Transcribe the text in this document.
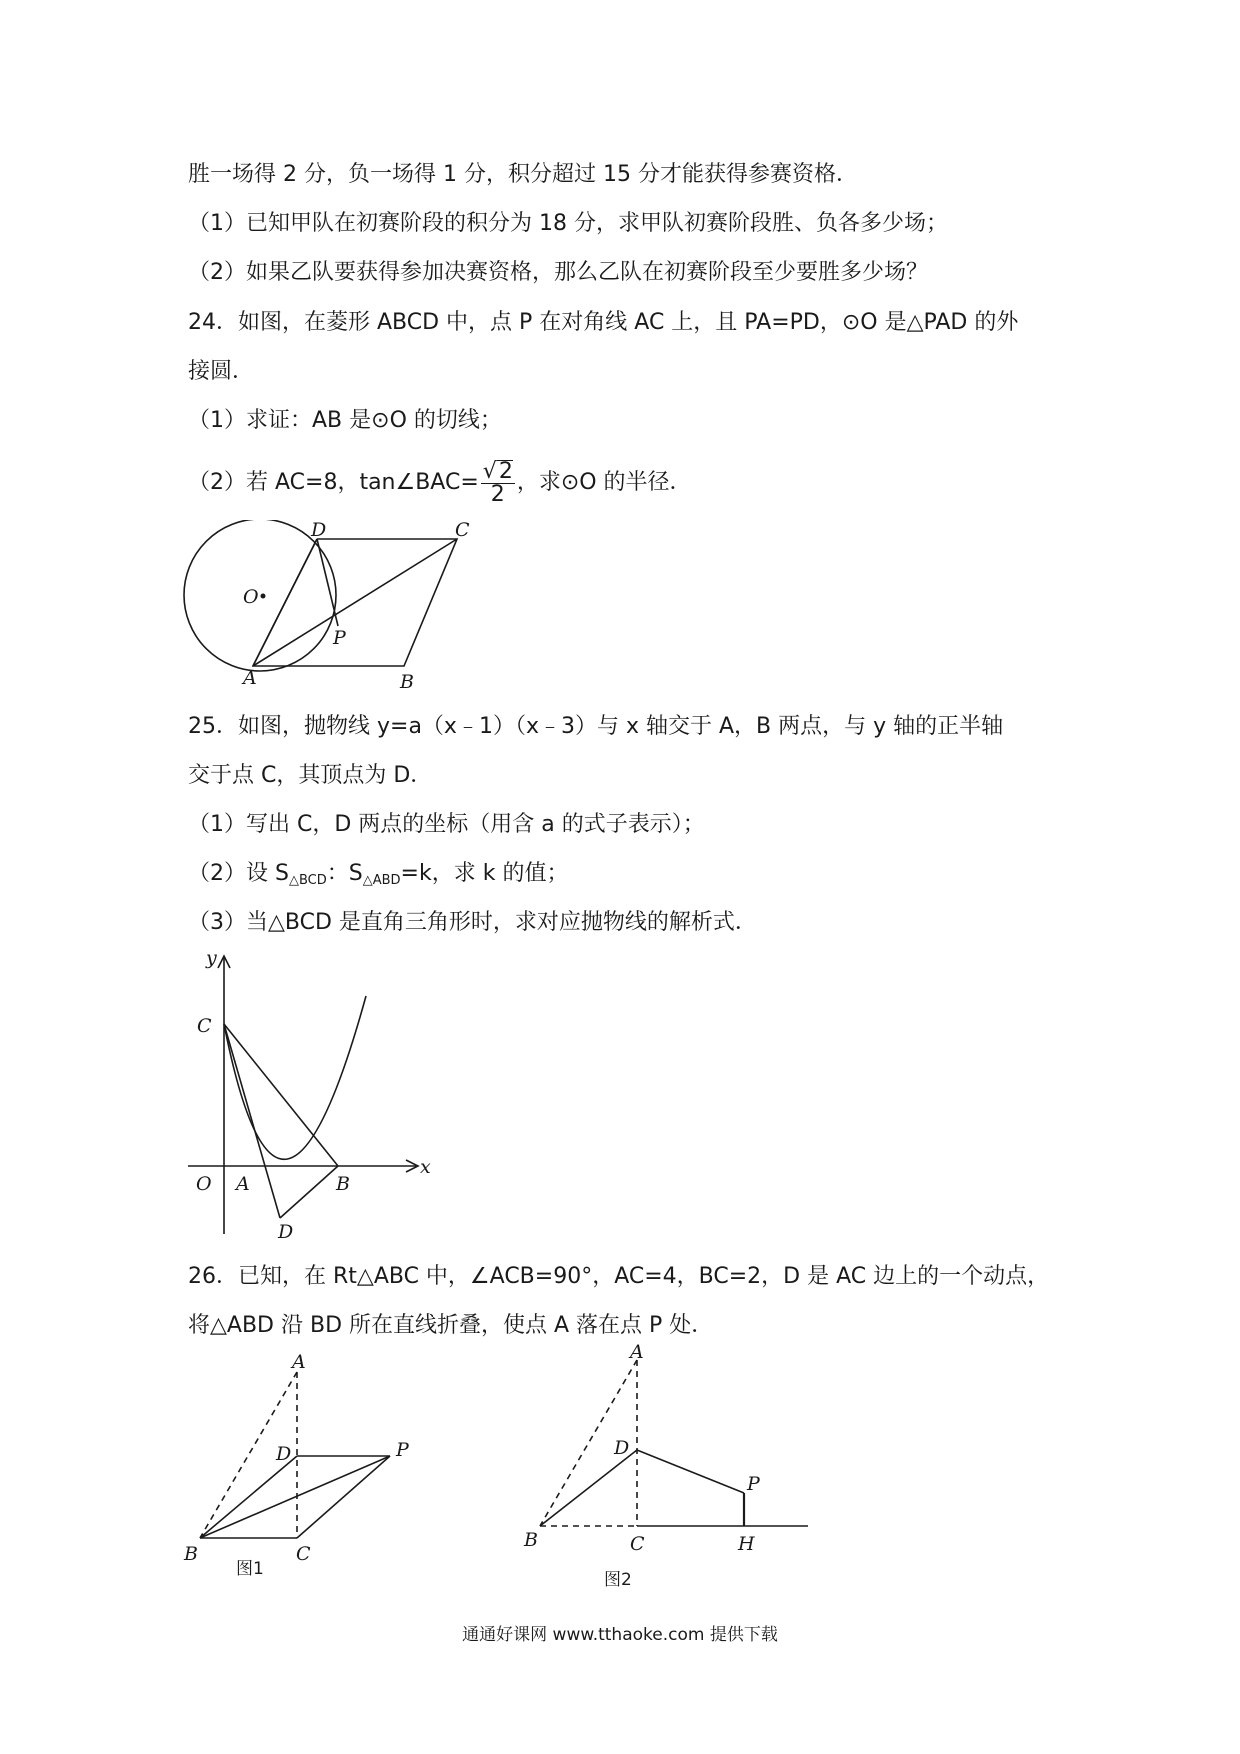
胜一场得 2 分，负一场得 1 分，积分超过 15 分才能获得参赛资格．
（1）已知甲队在初赛阶段的积分为 18 分，求甲队初赛阶段胜、负各多少场；
（2）如果乙队要获得参加决赛资格，那么乙队在初赛阶段至少要胜多少场？
24．如图，在菱形 ABCD 中，点 P 在对角线 AC 上，且 PA=PD，⊙O 是△PAD 的外
接圆．
（1）求证：AB 是⊙O 的切线；
（2）若 AC=8，tan∠BAC= $\frac{√2}{2}$ ，求⊙O 的半径．
D	C
O
P
A	B
25．如图，抛物线 y=a（x﹣1）（x﹣3）与 x 轴交于 A，B 两点，与 y 轴的正半轴
交于点 C，其顶点为 D．
（1）写出 C，D 两点的坐标（用含 a 的式子表示）；
（2）设 $S_{\triangle BCD}$：$S_{\triangle ABD}=k$，求 k 的值；
（3）当△BCD 是直角三角形时，求对应抛物线的解析式．
y
x
C
O A	B
D
26．已知，在 Rt△ABC 中，∠ACB=90°，AC=4，BC=2，D 是 AC 边上的一个动点，
将△ABD 沿 BD 所在直线折叠，使点 A 落在点 P 处．
A
D	P
B	C
图1
A
D
P
B	C	H
图2
通通好课网 www.tthaoke.com 提供下载
